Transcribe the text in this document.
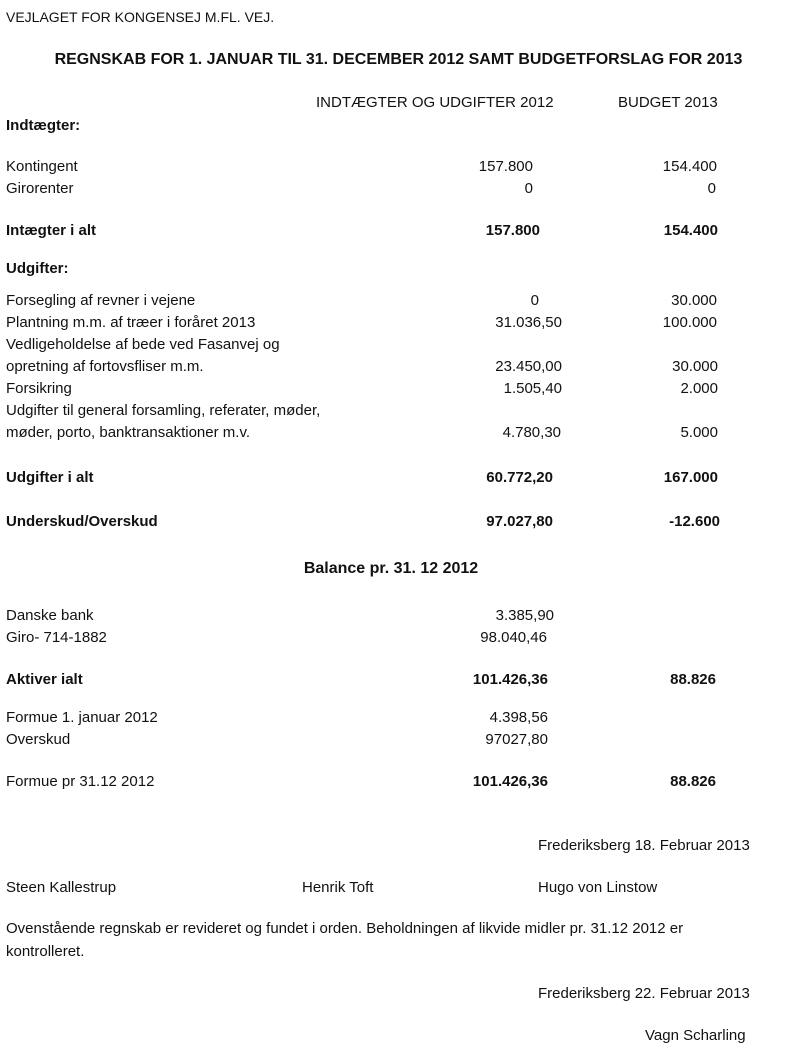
VEJLAGET FOR KONGENSEJ M.FL. VEJ.
REGNSKAB FOR 1. JANUAR TIL 31. DECEMBER 2012 SAMT BUDGETFORSLAG FOR 2013
INDTÆGTER OG UDGIFTER 2012	BUDGET 2013
Indtægter:
Kontingent	157.800	154.400
Girorenter	0	0
Intægter i alt	157.800	154.400
Udgifter:
Forsegling af revner i vejene	0	30.000
Plantning m.m. af træer i foråret 2013	31.036,50	100.000
Vedligeholdelse af bede ved Fasanvej og
opretning af fortovsfliser m.m.	23.450,00	30.000
Forsikring	1.505,40	2.000
Udgifter til general forsamling, referater, møder,
møder, porto, banktransaktioner m.v.	4.780,30	5.000
Udgifter i alt	60.772,20	167.000
Underskud/Overskud	97.027,80	-12.600
Balance pr. 31. 12 2012
Danske bank	3.385,90
Giro- 714-1882	98.040,46
Aktiver ialt	101.426,36	88.826
Formue 1. januar 2012	4.398,56
Overskud	97027,80
Formue pr 31.12 2012	101.426,36	88.826
Frederiksberg 18. Februar 2013
Steen Kallestrup	Henrik Toft	Hugo von Linstow
Ovenstående regnskab er revideret og fundet i orden. Beholdningen af likvide midler pr. 31.12 2012 er
kontrolleret.
Frederiksberg 22. Februar 2013
Vagn Scharling
